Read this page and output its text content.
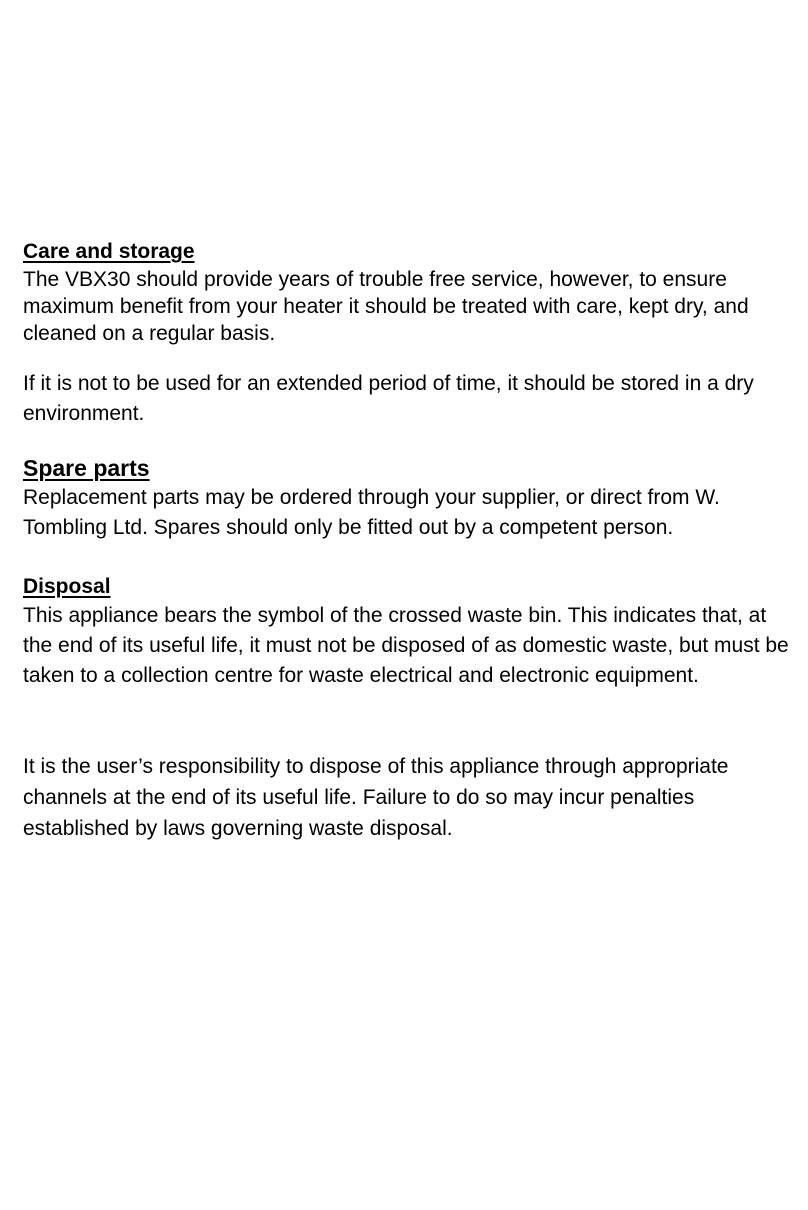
Care and storage

The VBX30 should provide years of trouble free service, however, to ensure maximum benefit from your heater it should be treated with care, kept dry, and cleaned on a regular basis.

If it is not to be used for an extended period of time, it should be stored in a dry environment.

Spare parts

Replacement parts may be ordered through your supplier, or direct from W. Tombling Ltd. Spares should only be fitted out by a competent person.

Disposal

This appliance bears the symbol of the crossed waste bin. This indicates that, at the end of its useful life, it must not be disposed of as domestic waste, but must be taken to a collection centre for waste electrical and electronic equipment.

It is the user’s responsibility to dispose of this appliance through appropriate channels at the end of its useful life. Failure to do so may incur penalties established by laws governing waste disposal.
